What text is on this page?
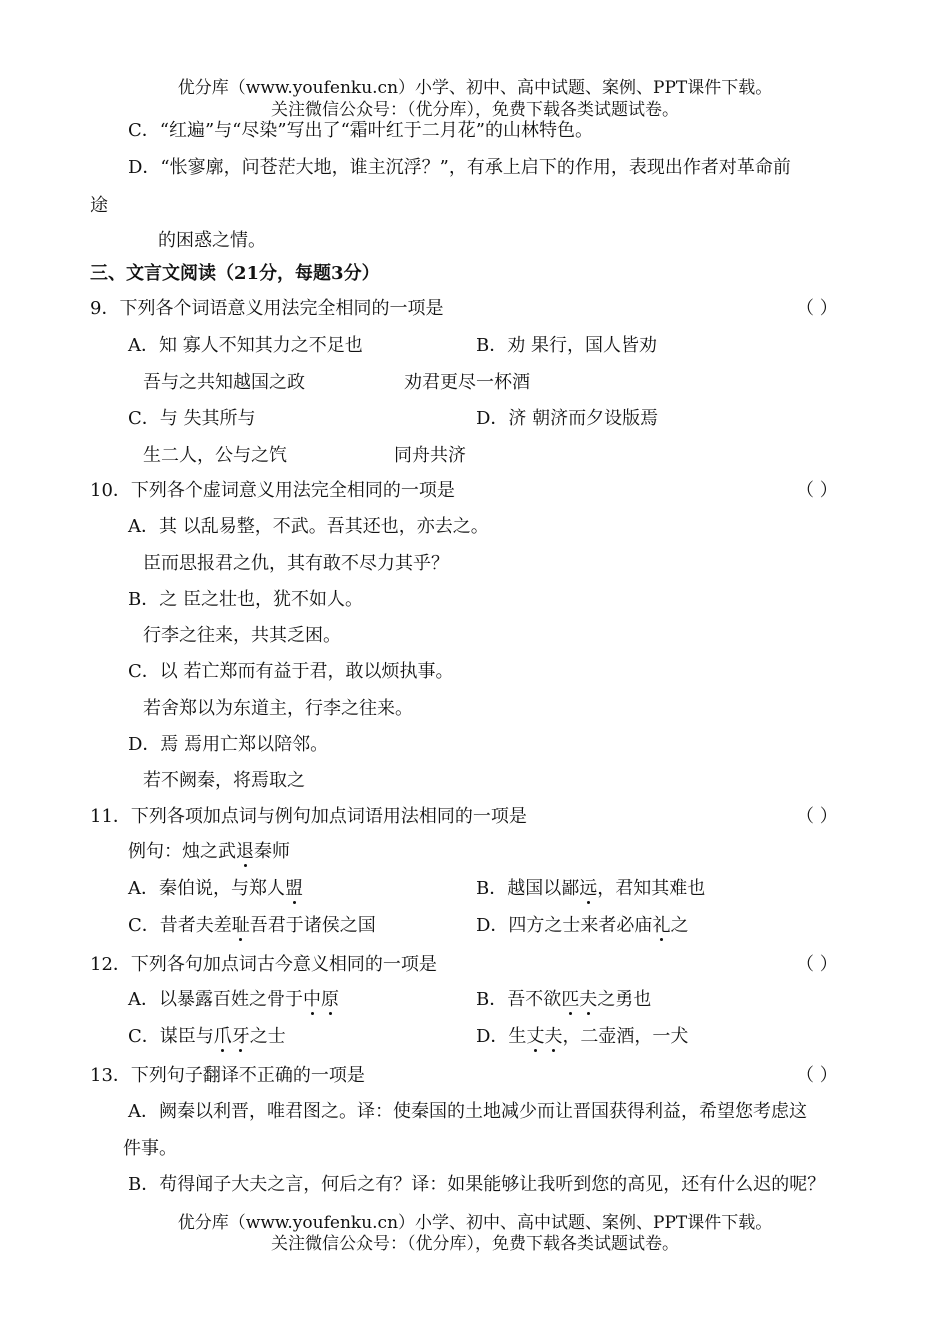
优分库（www.youfenku.cn）小学、初中、高中试题、案例、PPT课件下载。
关注微信公众号：（优分库），免费下载各类试题试卷。
C．“红遍”与“尽染”写出了“霜叶红于二月花”的山林特色。
D．“怅寥廓，问苍茫大地，谁主沉浮？”，有承上启下的作用，表现出作者对革命前
途
的困惑之情。
三、文言文阅读（21分，每题3分）
9．下列各个词语意义用法完全相同的一项是	（ ）
A．知 寡人不知其力之不足也	B．劝 果行，国人皆劝
吾与之共知越国之政	劝君更尽一杯酒
C．与 失其所与	D．济 朝济而夕设版焉
生二人，公与之饩	同舟共济
10．下列各个虚词意义用法完全相同的一项是	（ ）
A．其 以乱易整，不武。吾其还也，亦去之。
臣而思报君之仇，其有敢不尽力其乎？
B．之 臣之壮也，犹不如人。
行李之往来，共其乏困。
C．以 若亡郑而有益于君，敢以烦执事。
若舍郑以为东道主，行李之往来。
D．焉 焉用亡郑以陪邻。
若不阙秦，将焉取之
11．下列各项加点词与例句加点词语用法相同的一项是	（ ）
例句：烛之武退秦师
A．秦伯说，与郑人盟	B．越国以鄙远，君知其难也
C．昔者夫差耻吾君于诸侯之国	D．四方之士来者必庙礼之
12．下列各句加点词古今意义相同的一项是	（ ）
A．以暴露百姓之骨于中原	B．吾不欲匹夫之勇也
C．谋臣与爪牙之士	D．生丈夫，二壶酒，一犬
13．下列句子翻译不正确的一项是	（ ）
A．阙秦以利晋，唯君图之。译：使秦国的土地减少而让晋国获得利益，希望您考虑这
件事。
B．苟得闻子大夫之言，何后之有？译：如果能够让我听到您的高见，还有什么迟的呢？
优分库（www.youfenku.cn）小学、初中、高中试题、案例、PPT课件下载。
关注微信公众号：（优分库），免费下载各类试题试卷。
